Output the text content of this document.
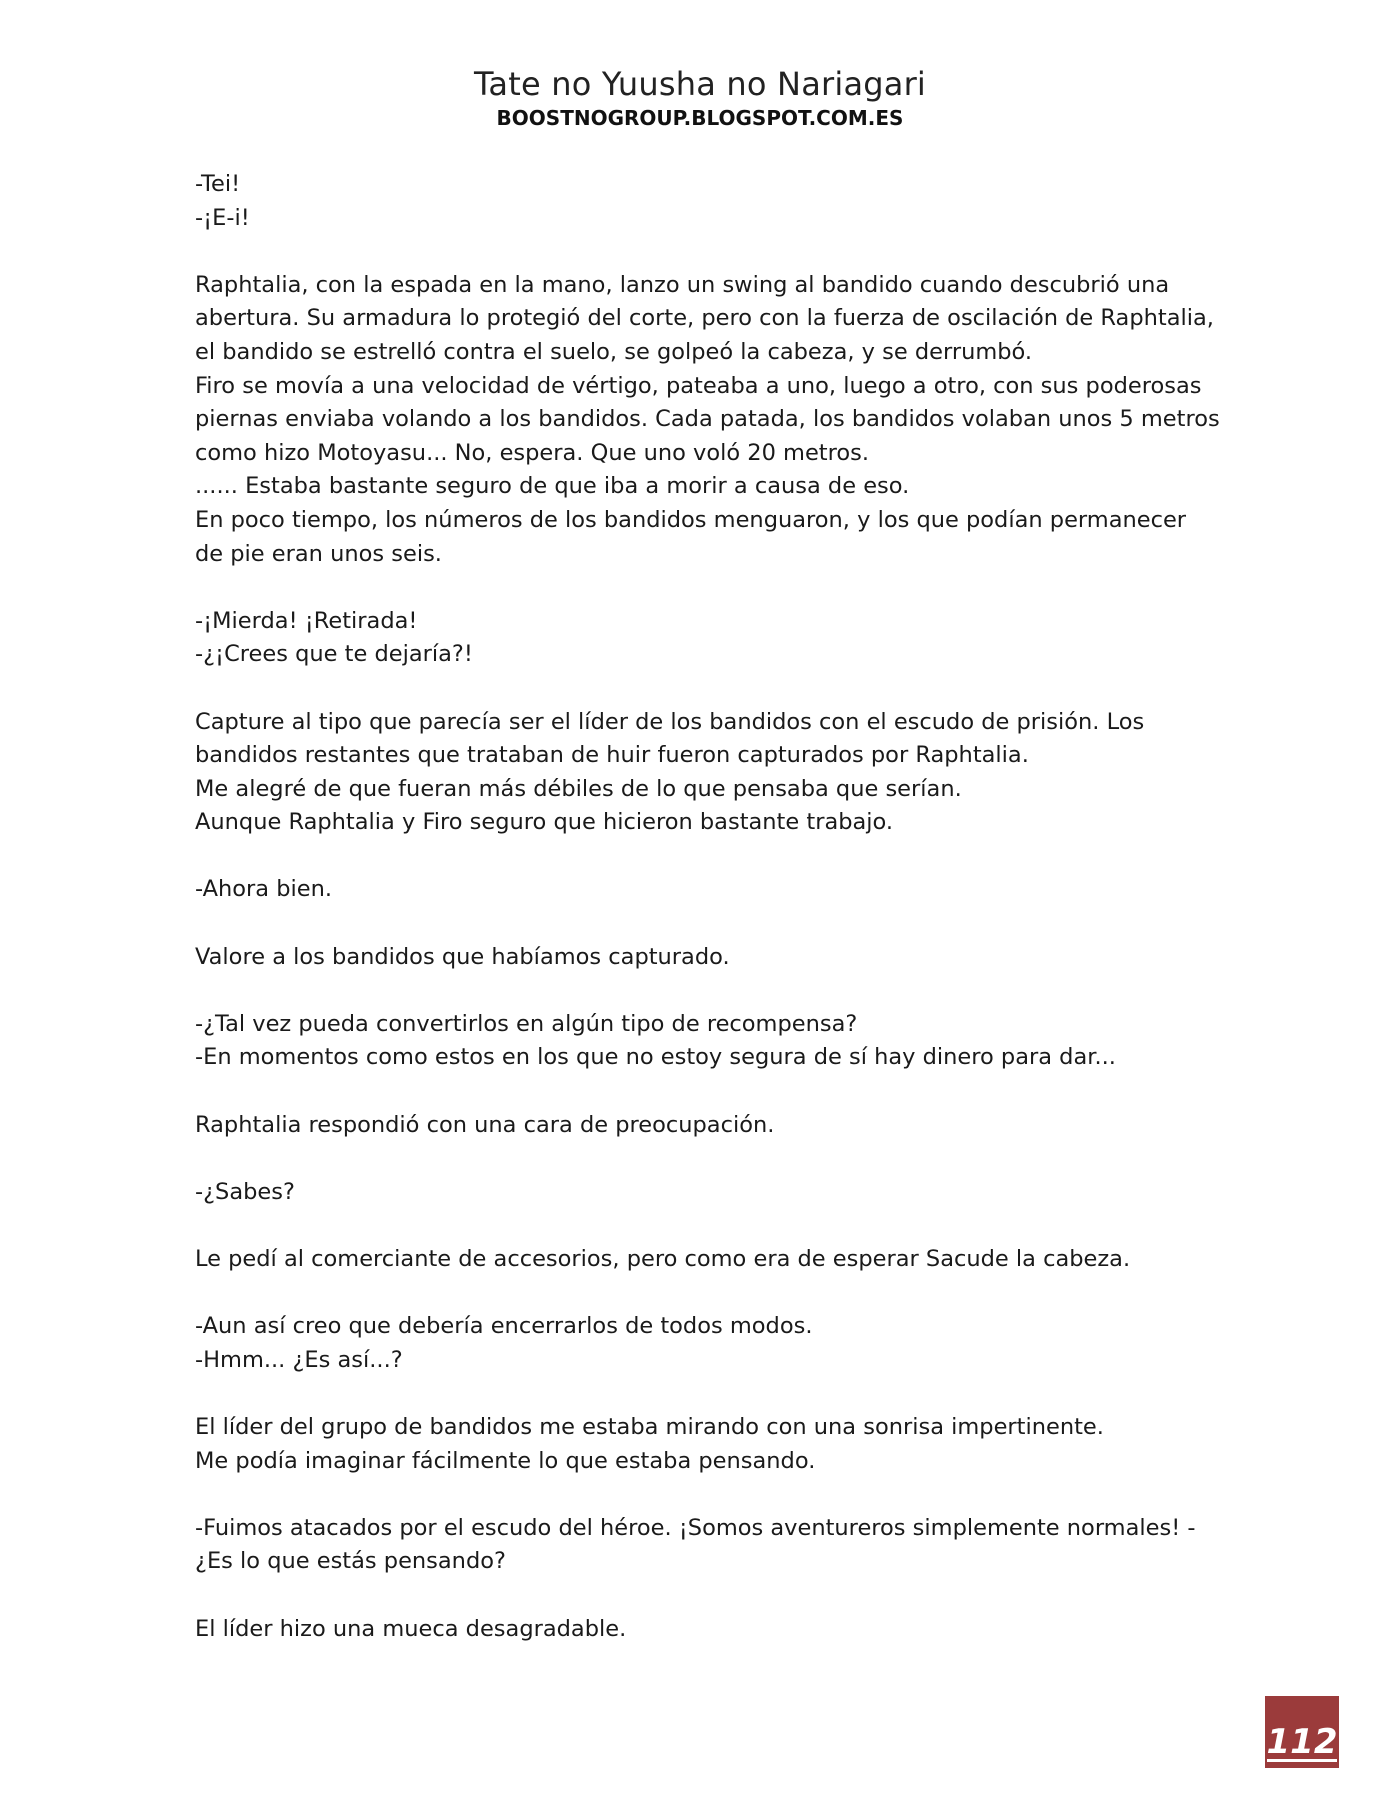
Tate no Yuusha no Nariagari
BOOSTNOGROUP.BLOGSPOT.COM.ES
-Tei!
-¡E-i!
Raphtalia, con la espada en la mano, lanzo un swing al bandido cuando descubrió una
abertura. Su armadura lo protegió del corte, pero con la fuerza de oscilación de Raphtalia,
el bandido se estrelló contra el suelo, se golpeó la cabeza, y se derrumbó.
Firo se movía a una velocidad de vértigo, pateaba a uno, luego a otro, con sus poderosas
piernas enviaba volando a los bandidos. Cada patada, los bandidos volaban unos 5 metros
como hizo Motoyasu... No, espera. Que uno voló 20 metros.
...... Estaba bastante seguro de que iba a morir a causa de eso.
En poco tiempo, los números de los bandidos menguaron, y los que podían permanecer
de pie eran unos seis.
-¡Mierda! ¡Retirada!
-¿¡Crees que te dejaría?!
Capture al tipo que parecía ser el líder de los bandidos con el escudo de prisión. Los
bandidos restantes que trataban de huir fueron capturados por Raphtalia.
Me alegré de que fueran más débiles de lo que pensaba que serían.
Aunque Raphtalia y Firo seguro que hicieron bastante trabajo.
-Ahora bien.
Valore a los bandidos que habíamos capturado.
-¿Tal vez pueda convertirlos en algún tipo de recompensa?
-En momentos como estos en los que no estoy segura de sí hay dinero para dar...
Raphtalia respondió con una cara de preocupación.
-¿Sabes?
Le pedí al comerciante de accesorios, pero como era de esperar Sacude la cabeza.
-Aun así creo que debería encerrarlos de todos modos.
-Hmm... ¿Es así...?
El líder del grupo de bandidos me estaba mirando con una sonrisa impertinente.
Me podía imaginar fácilmente lo que estaba pensando.
-Fuimos atacados por el escudo del héroe. ¡Somos aventureros simplemente normales! -
¿Es lo que estás pensando?
El líder hizo una mueca desagradable.
112
